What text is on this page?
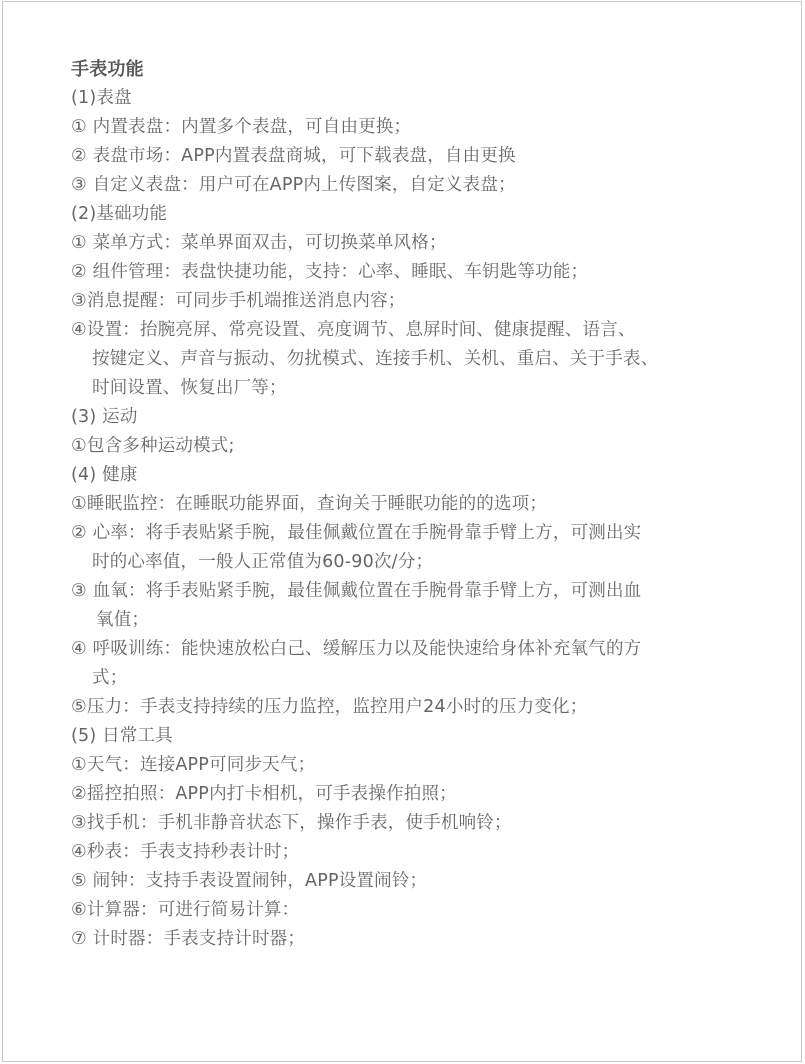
手表功能
(1)表盘
① 内置表盘：内置多个表盘，可自由更换；
② 表盘市场：APP内置表盘商城，可下载表盘，自由更换
③ 自定义表盘：用户可在APP内上传图案，自定义表盘；
(2)基础功能
① 菜单方式：菜单界面双击，可切换菜单风格；
② 组件管理：表盘快捷功能，支持：心率、睡眠、车钥匙等功能；
③消息提醒：可同步手机端推送消息内容；
④设置：抬腕亮屏、常亮设置、亮度调节、息屏时间、健康提醒、语言、
按键定义、声音与振动、勿扰模式、连接手机、关机、重启、关于手表、
时间设置、恢复出厂等；
(3) 运动
①包含多种运动模式;
(4) 健康
①睡眠监控：在睡眠功能界面，查询关于睡眠功能的的选项；
② 心率：将手表贴紧手腕，最佳佩戴位置在手腕骨靠手臂上方，可测出实
时的心率值，一般人正常值为60-90次/分；
③ 血氧：将手表贴紧手腕，最佳佩戴位置在手腕骨靠手臂上方，可测出血
氧值；
④ 呼吸训练：能快速放松白己、缓解压力以及能快速给身体补充氧气的方
式；
⑤压力：手表支持持续的压力监控，监控用户24小时的压力变化；
(5) 日常工具
①天气：连接APP可同步天气；
②摇控拍照：APP内打卡相机，可手表操作拍照；
③找手机：手机非静音状态下，操作手表，使手机响铃；
④秒表：手表支持秒表计时；
⑤ 闹钟：支持手表设置闹钟，APP设置闹铃；
⑥计算器：可进行简易计算：
⑦ 计时器：手表支持计时器；
